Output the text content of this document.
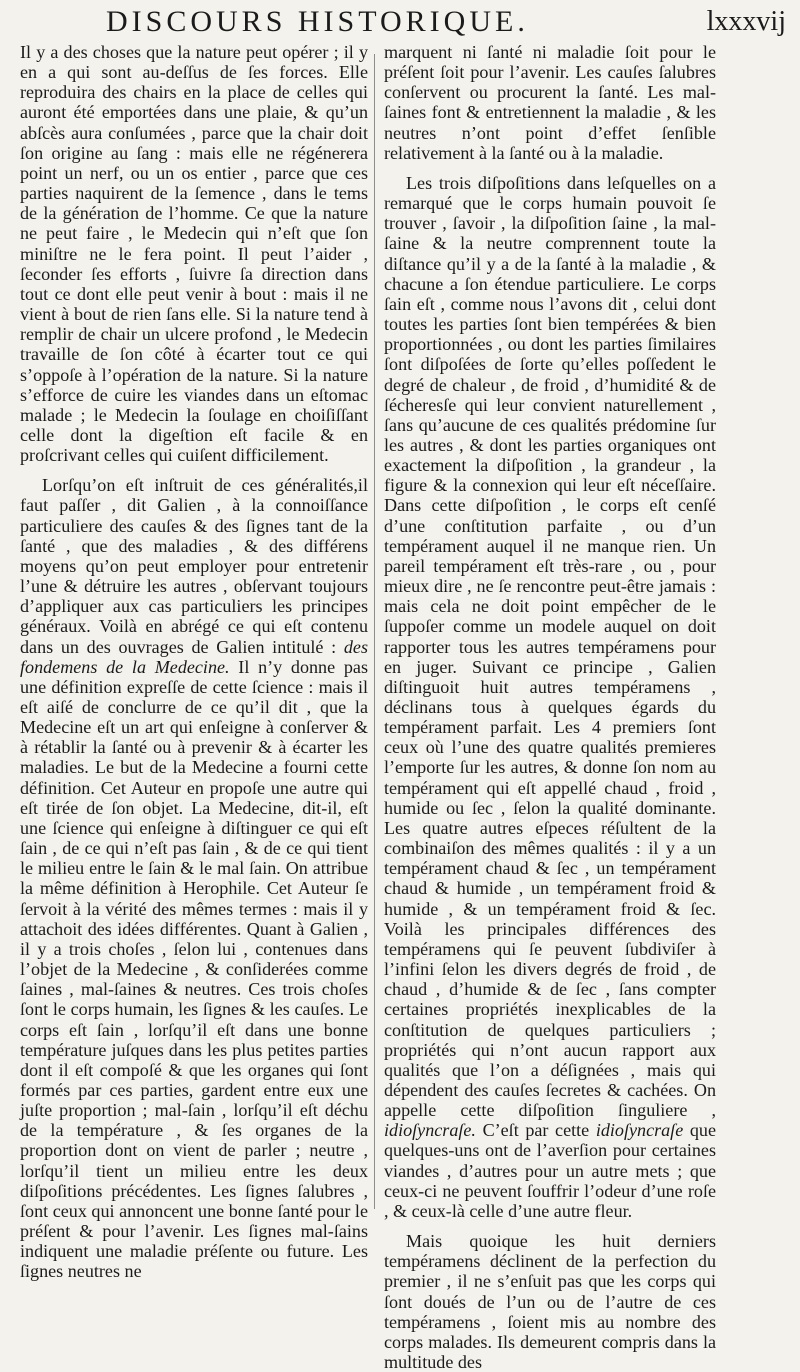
DISCOURS HISTORIQUE.	lxxxvij

Il y a des choses que la nature peut opérer ; il y en a qui sont au-deſſus de ſes forces. Elle reproduira des chairs en la place de celles qui auront été emportées dans une plaie, & qu’un abſcès aura conſumées , parce que la chair doit ſon origine au ſang : mais elle ne régénerera point un nerf, ou un os entier , parce que ces parties naquirent de la ſemence , dans le tems de la génération de l’homme. Ce que la nature ne peut faire , le Medecin qui n’eſt que ſon miniſtre ne le fera point. Il peut l’aider , ſeconder ſes efforts , ſuivre ſa direction dans tout ce dont elle peut venir à bout : mais il ne vient à bout de rien ſans elle. Si la nature tend à remplir de chair un ulcere profond , le Medecin travaille de ſon côté à écarter tout ce qui s’oppoſe à l’opération de la nature. Si la nature s’efforce de cuire les viandes dans un eſtomac malade ; le Medecin la ſoulage en choiſiſſant celle dont la digeſtion eſt facile & en proſcrivant celles qui cuiſent difficilement.

Lorſqu’on eſt inſtruit de ces généralités,il faut paſſer , dit Galien , à la connoiſſance particuliere des cauſes & des ſignes tant de la ſanté , que des maladies , & des différens moyens qu’on peut employer pour entretenir l’une & détruire les autres , obſervant toujours d’appliquer aux cas particuliers les principes généraux. Voilà en abrégé ce qui eſt contenu dans un des ouvrages de Galien intitulé : des fondemens de la Medecine. Il n’y donne pas une définition expreſſe de cette ſcience : mais il eſt aiſé de conclurre de ce qu’il dit , que la Medecine eſt un art qui enſeigne à conſerver & à rétablir la ſanté ou à prevenir & à écarter les maladies. Le but de la Medecine a fourni cette définition. Cet Auteur en propoſe une autre qui eſt tirée de ſon objet. La Medecine, dit-il, eſt une ſcience qui enſeigne à diſtinguer ce qui eſt ſain , de ce qui n’eſt pas ſain , & de ce qui tient le milieu entre le ſain & le mal ſain. On attribue la même définition à Herophile. Cet Auteur ſe ſervoit à la vérité des mêmes termes : mais il y attachoit des idées différentes. Quant à Galien , il y a trois choſes , ſelon lui , contenues dans l’objet de la Medecine , & conſiderées comme ſaines , mal-ſaines & neutres. Ces trois choſes ſont le corps humain, les ſignes & les cauſes. Le corps eſt ſain , lorſqu’il eſt dans une bonne température juſques dans les plus petites parties dont il eſt compoſé & que les organes qui ſont formés par ces parties, gardent entre eux une juſte proportion ; mal-ſain , lorſqu’il eſt déchu de la température , & ſes organes de la proportion dont on vient de parler ; neutre , lorſqu’il tient un milieu entre les deux diſpoſitions précédentes. Les ſignes ſalubres , ſont ceux qui annoncent une bonne ſanté pour le préſent & pour l’avenir. Les ſignes mal-ſains indiquent une maladie préſente ou future. Les ſignes neutres ne

marquent ni ſanté ni maladie ſoit pour le préſent ſoit pour l’avenir. Les cauſes ſalubres conſervent ou procurent la ſanté. Les mal-ſaines font & entretiennent la maladie , & les neutres n’ont point d’effet ſenſible relativement à la ſanté ou à la maladie.

Les trois diſpoſitions dans leſquelles on a remarqué que le corps humain pouvoit ſe trouver , ſavoir , la diſpoſition ſaine , la mal-ſaine & la neutre comprennent toute la diſtance qu’il y a de la ſanté à la maladie , & chacune a ſon étendue particuliere. Le corps ſain eſt , comme nous l’avons dit , celui dont toutes les parties ſont bien tempérées & bien proportionnées , ou dont les parties ſimilaires ſont diſpoſées de ſorte qu’elles poſſedent le degré de chaleur , de froid , d’humidité & de ſécheresſe qui leur convient naturellement , ſans qu’aucune de ces qualités prédomine ſur les autres , & dont les parties organiques ont exactement la diſpoſition , la grandeur , la figure & la connexion qui leur eſt néceſſaire. Dans cette diſpoſition , le corps eſt cenſé d’une conſtitution parfaite , ou d’un tempérament auquel il ne manque rien. Un pareil tempérament eſt très-rare , ou , pour mieux dire , ne ſe rencontre peut-être jamais : mais cela ne doit point empêcher de le ſuppoſer comme un modele auquel on doit rapporter tous les autres tempéramens pour en juger. Suivant ce principe , Galien diſtinguoit huit autres tempéramens , déclinans tous à quelques égards du tempérament parfait. Les 4 premiers ſont ceux où l’une des quatre qualités premieres l’emporte ſur les autres, & donne ſon nom au tempérament qui eſt appellé chaud , froid , humide ou ſec , ſelon la qualité dominante. Les quatre autres eſpeces réſultent de la combinaiſon des mêmes qualités : il y a un tempérament chaud & ſec , un tempérament chaud & humide , un tempérament froid & humide , & un tempérament froid & ſec. Voilà les principales différences des tempéramens qui ſe peuvent ſubdiviſer à l’infini ſelon les divers degrés de froid , de chaud , d’humide & de ſec , ſans compter certaines propriétés inexplicables de la conſtitution de quelques particuliers ; propriétés qui n’ont aucun rapport aux qualités que l’on a déſignées , mais qui dépendent des cauſes ſecretes & cachées. On appelle cette diſpoſition ſinguliere , idioſyncraſe. C’eſt par cette idioſyncraſe que quelques-uns ont de l’averſion pour certaines viandes , d’autres pour un autre mets ; que ceux-ci ne peuvent ſouffrir l’odeur d’une roſe , & ceux-là celle d’une autre fleur.

Mais quoique les huit derniers tempéramens déclinent de la perfection du premier , il ne s’enſuit pas que les corps qui ſont doués de l’un ou de l’autre de ces tempéramens , ſoient mis au nombre des corps malades. Ils demeurent compris dans la multitude des
